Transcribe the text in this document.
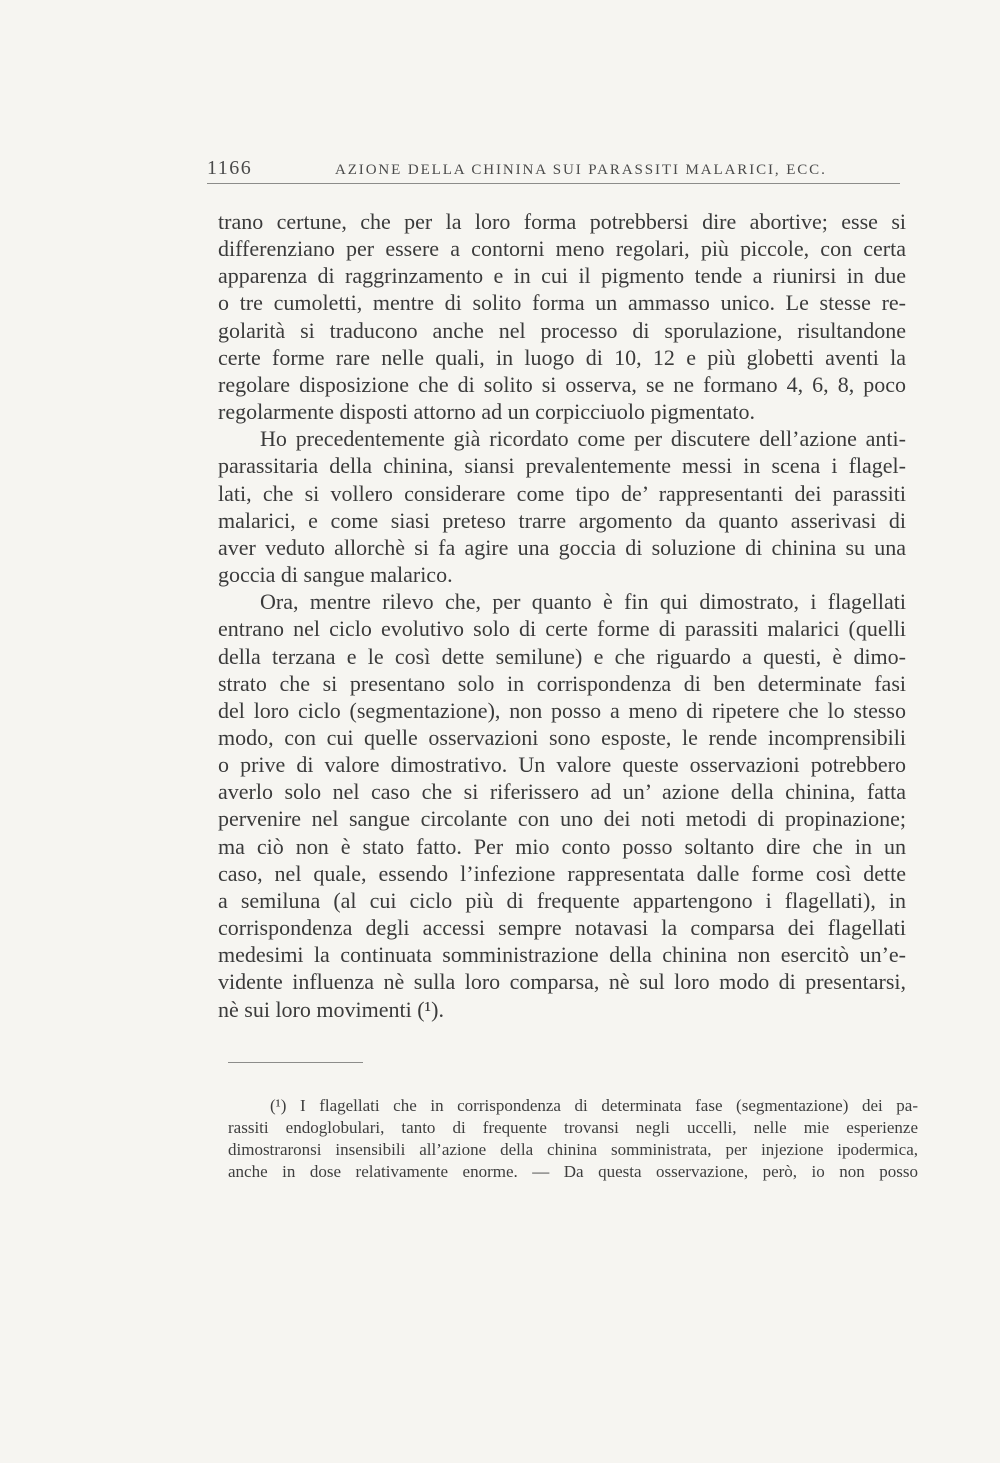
1166	AZIONE DELLA CHININA SUI PARASSITI MALARICI, ECC.
trano certune, che per la loro forma potrebbersi dire abortive; esse si
differenziano per essere a contorni meno regolari, più piccole, con certa
apparenza di raggrinzamento e in cui il pigmento tende a riunirsi in due
o tre cumoletti, mentre di solito forma un ammasso unico. Le stesse re-
golarità si traducono anche nel processo di sporulazione, risultandone
certe forme rare nelle quali, in luogo di 10, 12 e più globetti aventi la
regolare disposizione che di solito si osserva, se ne formano 4, 6, 8, poco
regolarmente disposti attorno ad un corpicciuolo pigmentato.
Ho precedentemente già ricordato come per discutere dell’azione anti-
parassitaria della chinina, siansi prevalentemente messi in scena i flagel-
lati, che si vollero considerare come tipo de’ rappresentanti dei parassiti
malarici, e come siasi preteso trarre argomento da quanto asserivasi di
aver veduto allorchè si fa agire una goccia di soluzione di chinina su una
goccia di sangue malarico.
Ora, mentre rilevo che, per quanto è fin qui dimostrato, i flagellati
entrano nel ciclo evolutivo solo di certe forme di parassiti malarici (quelli
della terzana e le così dette semilune) e che riguardo a questi, è dimo-
strato che si presentano solo in corrispondenza di ben determinate fasi
del loro ciclo (segmentazione), non posso a meno di ripetere che lo stesso
modo, con cui quelle osservazioni sono esposte, le rende incomprensibili
o prive di valore dimostrativo. Un valore queste osservazioni potrebbero
averlo solo nel caso che si riferissero ad un’ azione della chinina, fatta
pervenire nel sangue circolante con uno dei noti metodi di propinazione;
ma ciò non è stato fatto. Per mio conto posso soltanto dire che in un
caso, nel quale, essendo l’infezione rappresentata dalle forme così dette
a semiluna (al cui ciclo più di frequente appartengono i flagellati), in
corrispondenza degli accessi sempre notavasi la comparsa dei flagellati
medesimi la continuata somministrazione della chinina non esercitò un’e-
vidente influenza nè sulla loro comparsa, nè sul loro modo di presentarsi,
nè sui loro movimenti (¹).
(¹) I flagellati che in corrispondenza di determinata fase (segmentazione) dei pa-
rassiti endoglobulari, tanto di frequente trovansi negli uccelli, nelle mie esperienze
dimostraronsi insensibili all’azione della chinina somministrata, per injezione ipodermica,
anche in dose relativamente enorme. — Da questa osservazione, però, io non posso
